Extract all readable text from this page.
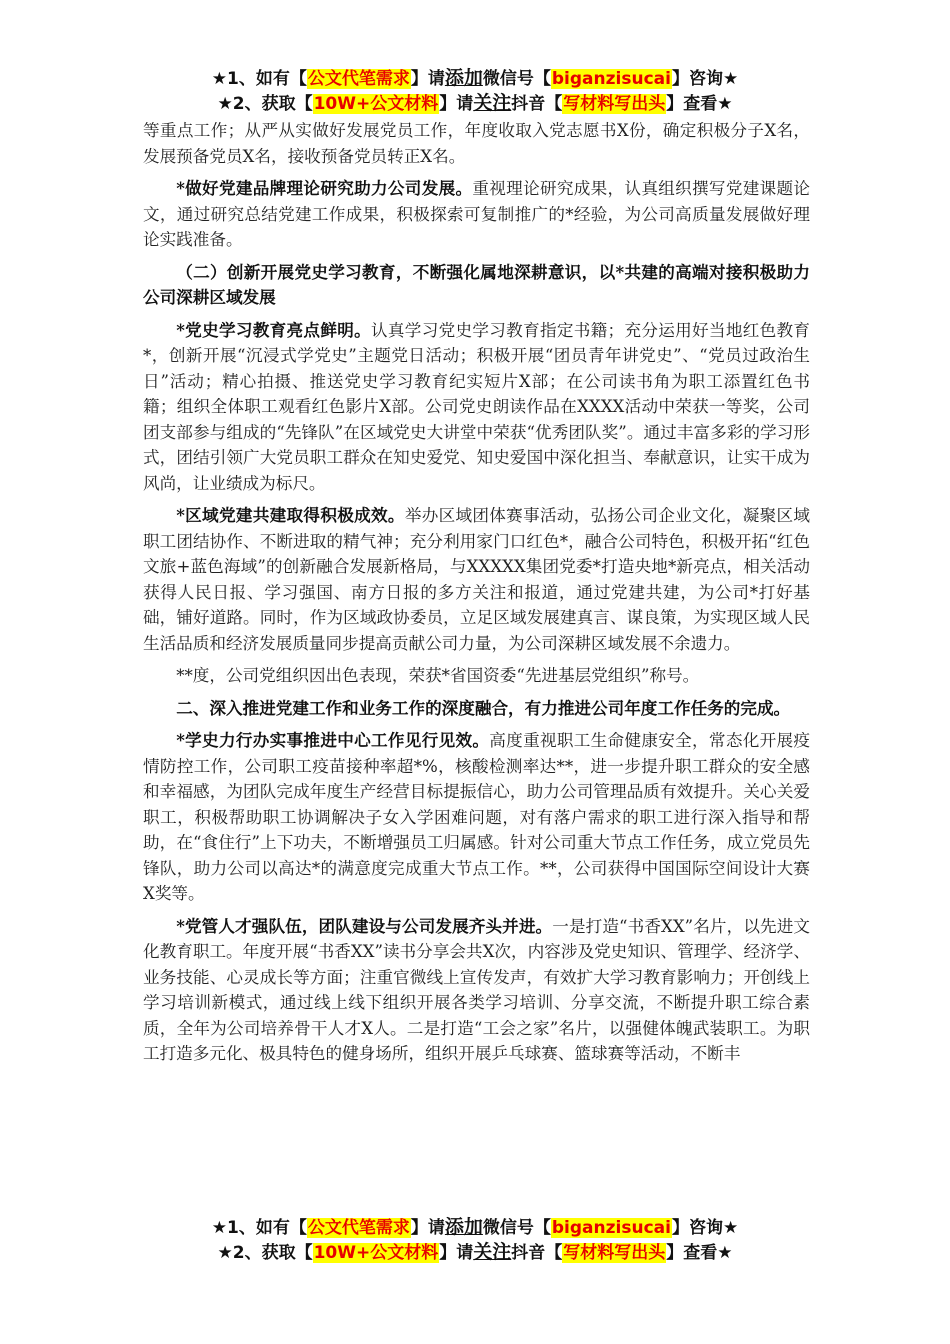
★1、如有【公文代笔需求】请添加微信号【biganzisucai】咨询★
★2、获取【10W+公文材料】请关注抖音【写材料写出头】查看★

等重点工作；从严从实做好发展党员工作，年度收取入党志愿书X份，确定积极分子X名，发展预备党员X名，接收预备党员转正X名。

*做好党建品牌理论研究助力公司发展。重视理论研究成果，认真组织撰写党建课题论文，通过研究总结党建工作成果，积极探索可复制推广的*经验，为公司高质量发展做好理论实践准备。

（二）创新开展党史学习教育，不断强化属地深耕意识，以*共建的高端对接积极助力公司深耕区域发展

*党史学习教育亮点鲜明。认真学习党史学习教育指定书籍；充分运用好当地红色教育*，创新开展“沉浸式学党史”主题党日活动；积极开展“团员青年讲党史”、“党员过政治生日”活动；精心拍摄、推送党史学习教育纪实短片X部；在公司读书角为职工添置红色书籍；组织全体职工观看红色影片X部。公司党史朗读作品在XXXX活动中荣获一等奖，公司团支部参与组成的“先锋队”在区域党史大讲堂中荣获“优秀团队奖”。通过丰富多彩的学习形式，团结引领广大党员职工群众在知史爱党、知史爱国中深化担当、奉献意识，让实干成为风尚，让业绩成为标尺。

*区域党建共建取得积极成效。举办区域团体赛事活动，弘扬公司企业文化，凝聚区域职工团结协作、不断进取的精气神；充分利用家门口红色*，融合公司特色，积极开拓“红色文旅+蓝色海域”的创新融合发展新格局，与XXXXX集团党委*打造央地*新亮点，相关活动获得人民日报、学习强国、南方日报的多方关注和报道，通过党建共建，为公司*打好基础，铺好道路。同时，作为区域政协委员，立足区域发展建真言、谋良策，为实现区域人民生活品质和经济发展质量同步提高贡献公司力量，为公司深耕区域发展不余遗力。

**度，公司党组织因出色表现，荣获*省国资委“先进基层党组织”称号。

二、深入推进党建工作和业务工作的深度融合，有力推进公司年度工作任务的完成。

*学史力行办实事推进中心工作见行见效。高度重视职工生命健康安全，常态化开展疫情防控工作，公司职工疫苗接种率超*%，核酸检测率达**，进一步提升职工群众的安全感和幸福感，为团队完成年度生产经营目标提振信心，助力公司管理品质有效提升。关心关爱职工，积极帮助职工协调解决子女入学困难问题，对有落户需求的职工进行深入指导和帮助，在“食住行”上下功夫，不断增强员工归属感。针对公司重大节点工作任务，成立党员先锋队，助力公司以高达*的满意度完成重大节点工作。**，公司获得中国国际空间设计大赛X奖等。

*党管人才强队伍，团队建设与公司发展齐头并进。一是打造“书香XX”名片，以先进文化教育职工。年度开展“书香XX”读书分享会共X次，内容涉及党史知识、管理学、经济学、业务技能、心灵成长等方面；注重官微线上宣传发声，有效扩大学习教育影响力；开创线上学习培训新模式，通过线上线下组织开展各类学习培训、分享交流，不断提升职工综合素质，全年为公司培养骨干人才X人。二是打造“工会之家”名片，以强健体魄武装职工。为职工打造多元化、极具特色的健身场所，组织开展乒乓球赛、篮球赛等活动，不断丰

★1、如有【公文代笔需求】请添加微信号【biganzisucai】咨询★
★2、获取【10W+公文材料】请关注抖音【写材料写出头】查看★
